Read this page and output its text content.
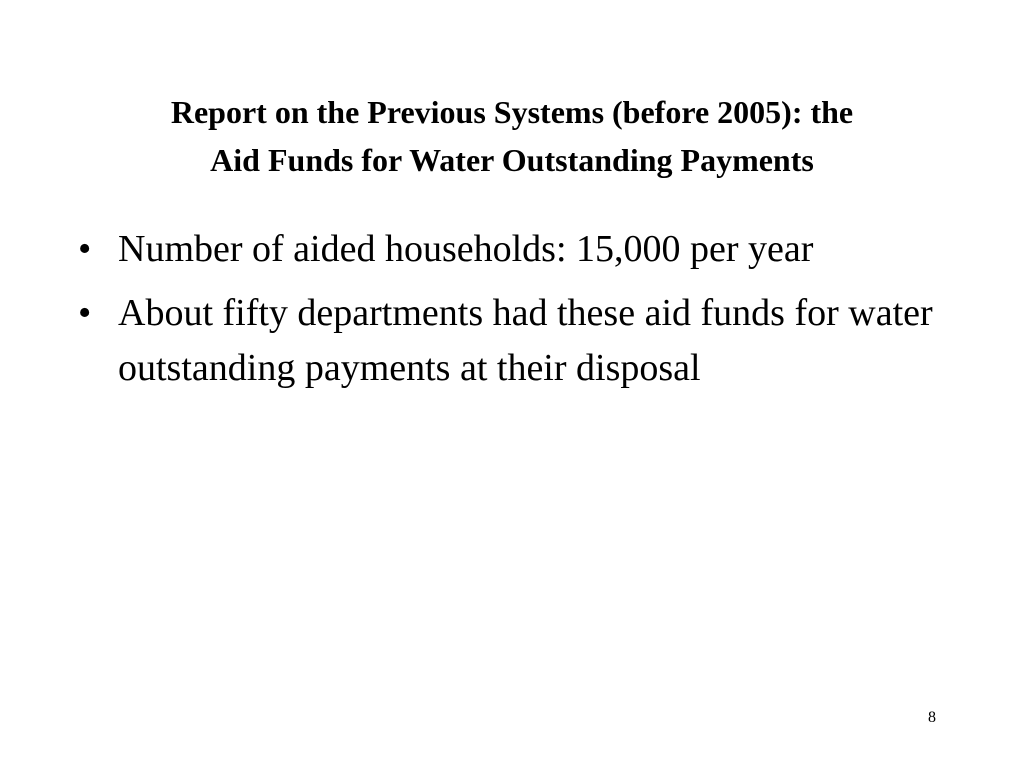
Report on the Previous Systems (before 2005): the
Aid Funds for Water Outstanding Payments
• Number of aided households: 15,000 per year
• About fifty departments had these aid funds for water outstanding payments at their disposal
8
